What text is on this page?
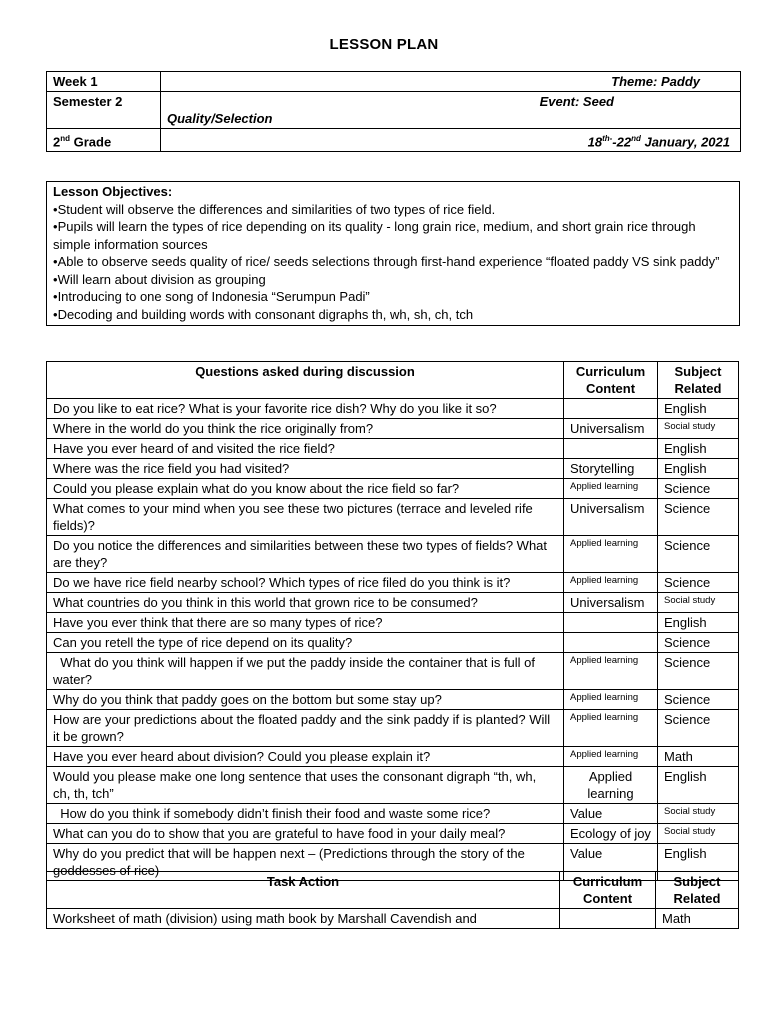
LESSON PLAN
Week 1	Theme: Paddy
Semester 2	Event: Seed
Quality/Selection

2nd Grade	$18^{th-}-22nd$ January, 2021
Lesson Objectives:
• Student will observe the differences and similarities of two types of rice field.
• Pupils will learn the types of rice depending on its quality - long grain rice, medium, and short grain rice through simple information sources
• Able to observe seeds quality of rice/ seeds selections through first-hand experience “floated paddy VS sink paddy”
• Will learn about division as grouping
• Introducing to one song of Indonesia “Serumpun Padi”
• Decoding and building words with consonant digraphs th, wh, sh, ch, tch
Questions asked during discussion	Curriculum Content	Subject Related
Do you like to eat rice? What is your favorite rice dish? Why do you like it so?		English
Where in the world do you think the rice originally from?	Universalism	Social study
Have you ever heard of and visited the rice field?		English
Where was the rice field you had visited?	Storytelling	English
Could you please explain what do you know about the rice field so far?	Applied learning	Science
What comes to your mind when you see these two pictures (terrace and leveled rife fields)?	Universalism	Science
Do you notice the differences and similarities between these two types of fields? What are they?	Applied learning	Science
Do we have rice field nearby school? Which types of rice filed do you think is it?	Applied learning	Science
What countries do you think in this world that grown rice to be consumed?	Universalism	Social study
Have you ever think that there are so many types of rice?		English
Can you retell the type of rice depend on its quality?		Science
What do you think will happen if we put the paddy inside the container that is full of water?	Applied learning	Science
Why do you think that paddy goes on the bottom but some stay up?	Applied learning	Science
How are your predictions about the floated paddy and the sink paddy if is planted? Will it be grown?	Applied learning	Science
Have you ever heard about division? Could you please explain it?	Applied learning	Math
Would you please make one long sentence that uses the consonant digraph “th, wh, ch, th, tch”	Applied learning	English
How do you think if somebody didn’t finish their food and waste some rice?	Value	Social study
What can you do to show that you are grateful to have food in your daily meal?	Ecology of joy	Social study
Why do you predict that will be happen next – (Predictions through the story of the goddesses of rice)	Value	English
Task Action	Curriculum Content	Subject Related
Worksheet of math (division) using math book by Marshall Cavendish and		Math
